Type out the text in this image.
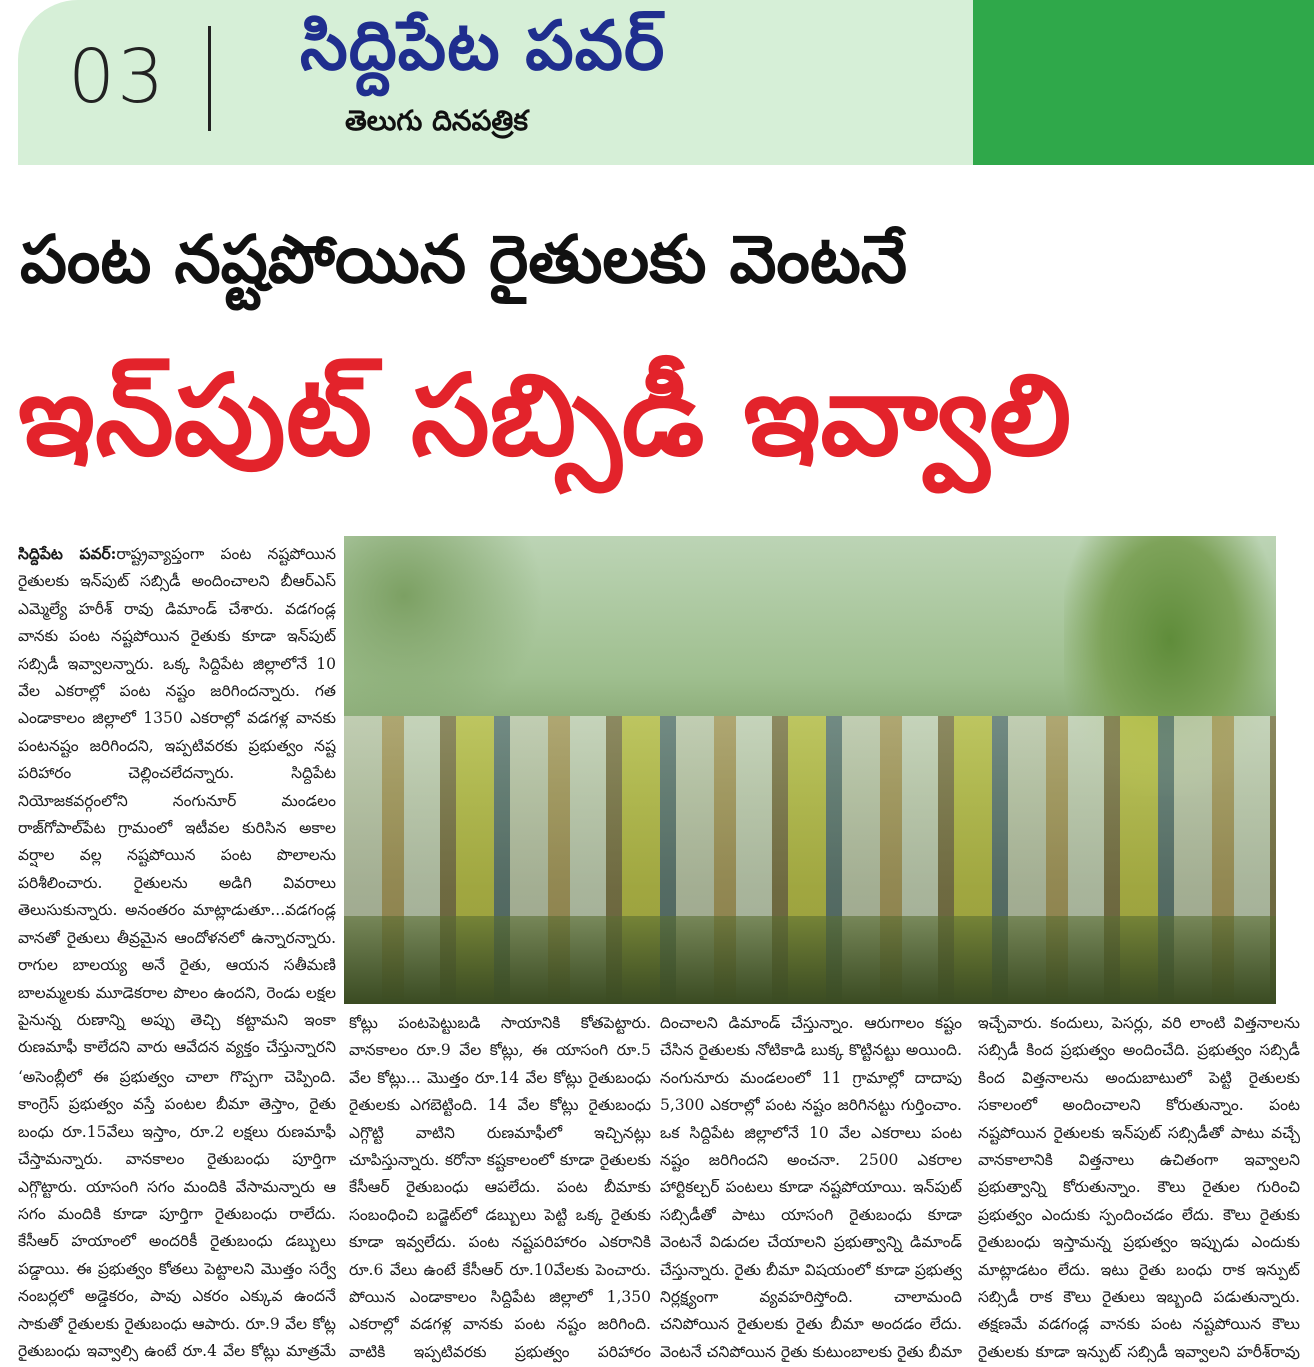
03 సిద్దిపేట పవర్
తెలుగు దినపత్రిక
పంట నష్టపోయిన రైతులకు వెంటనే
ఇన్‌పుట్ సబ్సిడీ ఇవ్వాలి

సిద్దిపేట పవర్:రాష్ట్రవ్యాప్తంగా పంట నష్టపోయిన రైతులకు ఇన్‌పుట్ సబ్సిడీ అందించాలని బీఆర్ఎస్ ఎమ్మెల్యే హరీశ్ రావు డిమాండ్ చేశారు. వడగండ్ల వానకు పంట నష్టపోయిన రైతుకు కూడా ఇన్‌పుట్ సబ్సిడీ ఇవ్వాలన్నారు. ఒక్క సిద్దిపేట జిల్లాలోనే 10 వేల ఎకరాల్లో పంట నష్టం జరిగిందన్నారు. గత ఎండాకాలం జిల్లాలో 1350 ఎకరాల్లో వడగళ్ల వానకు పంటనష్టం జరిగిందని, ఇప్పటివరకు ప్రభుత్వం నష్ట పరిహారం చెల్లించలేదన్నారు. సిద్దిపేట నియోజకవర్గంలోని నంగునూర్ మండలం రాజ్‌గోపాల్‌పేట గ్రామంలో ఇటీవల కురిసిన అకాల వర్షాల వల్ల నష్టపోయిన పంట పొలాలను పరిశీలించారు. రైతులను అడిగి వివరాలు తెలుసుకున్నారు. అనంతరం మాట్లాడుతూ...వడగండ్ల వానతో రైతులు తీవ్రమైన ఆందోళనలో ఉన్నారన్నారు. రాగుల బాలయ్య అనే రైతు, ఆయన సతీమణి బాలమ్మలకు మూడెకరాల పొలం ఉందని, రెండు లక్షల పైనున్న రుణాన్ని అప్పు తెచ్చి కట్టామని ఇంకా రుణమాఫీ కాలేదని వారు ఆవేదన వ్యక్తం చేస్తున్నారని

‘అసెంబ్లీలో ఈ ప్రభుత్వం చాలా గొప్పగా చెప్పింది. కాంగ్రెస్ ప్రభుత్వం వస్తే పంటల బీమా తెస్తాం, రైతు బంధు రూ.15వేలు ఇస్తాం, రూ.2 లక్షలు రుణమాఫీ చేస్తామన్నారు. వానకాలం రైతుబంధు పూర్తిగా ఎగ్గొట్టారు. యాసంగి సగం మందికి వేసామన్నారు ఆ సగం మందికి కూడా పూర్తిగా రైతుబంధు రాలేదు. కేసీఆర్ హయాంలో అందరికీ రైతుబంధు డబ్బులు పడ్డాయి. ఈ ప్రభుత్వం కోతలు పెట్టాలని మొత్తం సర్వే నంబర్లలో అడ్డెకరం, పావు ఎకరం ఎక్కువ ఉందనే సాకుతో రైతులకు రైతుబంధు ఆపారు. రూ.9 వేల కోట్ల రైతుబంధు ఇవ్వాల్సి ఉంటే రూ.4 వేల కోట్లు మాత్రమే

కోట్లు పంటపెట్టుబడి సాయానికి కోతపెట్టారు. వానకాలం రూ.9 వేల కోట్లు, ఈ యాసంగి రూ.5 వేల కోట్లు... మొత్తం రూ.14 వేల కోట్లు రైతుబంధు రైతులకు ఎగబెట్టింది. 14 వేల కోట్లు రైతుబంధు ఎగ్గొట్టి వాటిని రుణమాఫీలో ఇచ్చినట్లు చూపిస్తున్నారు. కరోనా కష్టకాలంలో కూడా రైతులకు కేసీఆర్ రైతుబంధు ఆపలేదు. పంట బీమాకు సంబంధించి బడ్జెట్‌లో డబ్బులు పెట్టి ఒక్క రైతుకు కూడా ఇవ్వలేదు. పంట నష్టపరిహారం ఎకరానికి రూ.6 వేలు ఉంటే కేసీఆర్ రూ.10వేలకు పెంచారు. పోయిన ఎండాకాలం సిద్దిపేట జిల్లాలో 1,350 ఎకరాల్లో వడగళ్ల వానకు పంట నష్టం జరిగింది. వాటికి ఇప్పటివరకు ప్రభుత్వం పరిహారం

దించాలని డిమాండ్ చేస్తున్నాం. ఆరుగాలం కష్టం చేసిన రైతులకు నోటికాడి బుక్క కొట్టినట్టు అయింది. నంగునూరు మండలంలో 11 గ్రామాల్లో దాదాపు 5,300 ఎకరాల్లో పంట నష్టం జరిగినట్టు గుర్తించాం. ఒక సిద్దిపేట జిల్లాలోనే 10 వేల ఎకరాలు పంట నష్టం జరిగిందని అంచనా. 2500 ఎకరాల హార్టికల్చర్ పంటలు కూడా నష్టపోయాయి. ఇన్‌పుట్ సబ్సిడీతో పాటు యాసంగి రైతుబంధు కూడా వెంటనే విడుదల చేయాలని ప్రభుత్వాన్ని డిమాండ్ చేస్తున్నారు. రైతు బీమా విషయంలో కూడా ప్రభుత్వ నిర్లక్ష్యంగా వ్యవహరిస్తోంది. చాలామంది చనిపోయిన రైతులకు రైతు బీమా అందడం లేదు. వెంటనే చనిపోయిన రైతు కుటుంబాలకు రైతు బీమా

ఇచ్చేవారు. కందులు, పెసర్లు, వరి లాంటి విత్తనాలను సబ్సిడీ కింద ప్రభుత్వం అందించేది. ప్రభుత్వం సబ్సిడీ కింద విత్తనాలను అందుబాటులో పెట్టి రైతులకు సకాలంలో అందించాలని కోరుతున్నాం. పంట నష్టపోయిన రైతులకు ఇన్‌పుట్ సబ్సిడీతో పాటు వచ్చే వానకాలానికి విత్తనాలు ఉచితంగా ఇవ్వాలని ప్రభుత్వాన్ని కోరుతున్నాం. కౌలు రైతుల గురించి ప్రభుత్వం ఎందుకు స్పందించడం లేదు. కౌలు రైతుకు రైతుబంధు ఇస్తామన్న ప్రభుత్వం ఇప్పుడు ఎందుకు మాట్లాడటం లేదు. ఇటు రైతు బంధు రాక ఇన్పుట్ సబ్సిడీ రాక కౌలు రైతులు ఇబ్బంది పడుతున్నారు. తక్షణమే వడగండ్ల వానకు పంట నష్టపోయిన కౌలు రైతులకు కూడా ఇన్పుట్ సబ్సిడీ ఇవ్వాలని హరీశ్‌రావు
